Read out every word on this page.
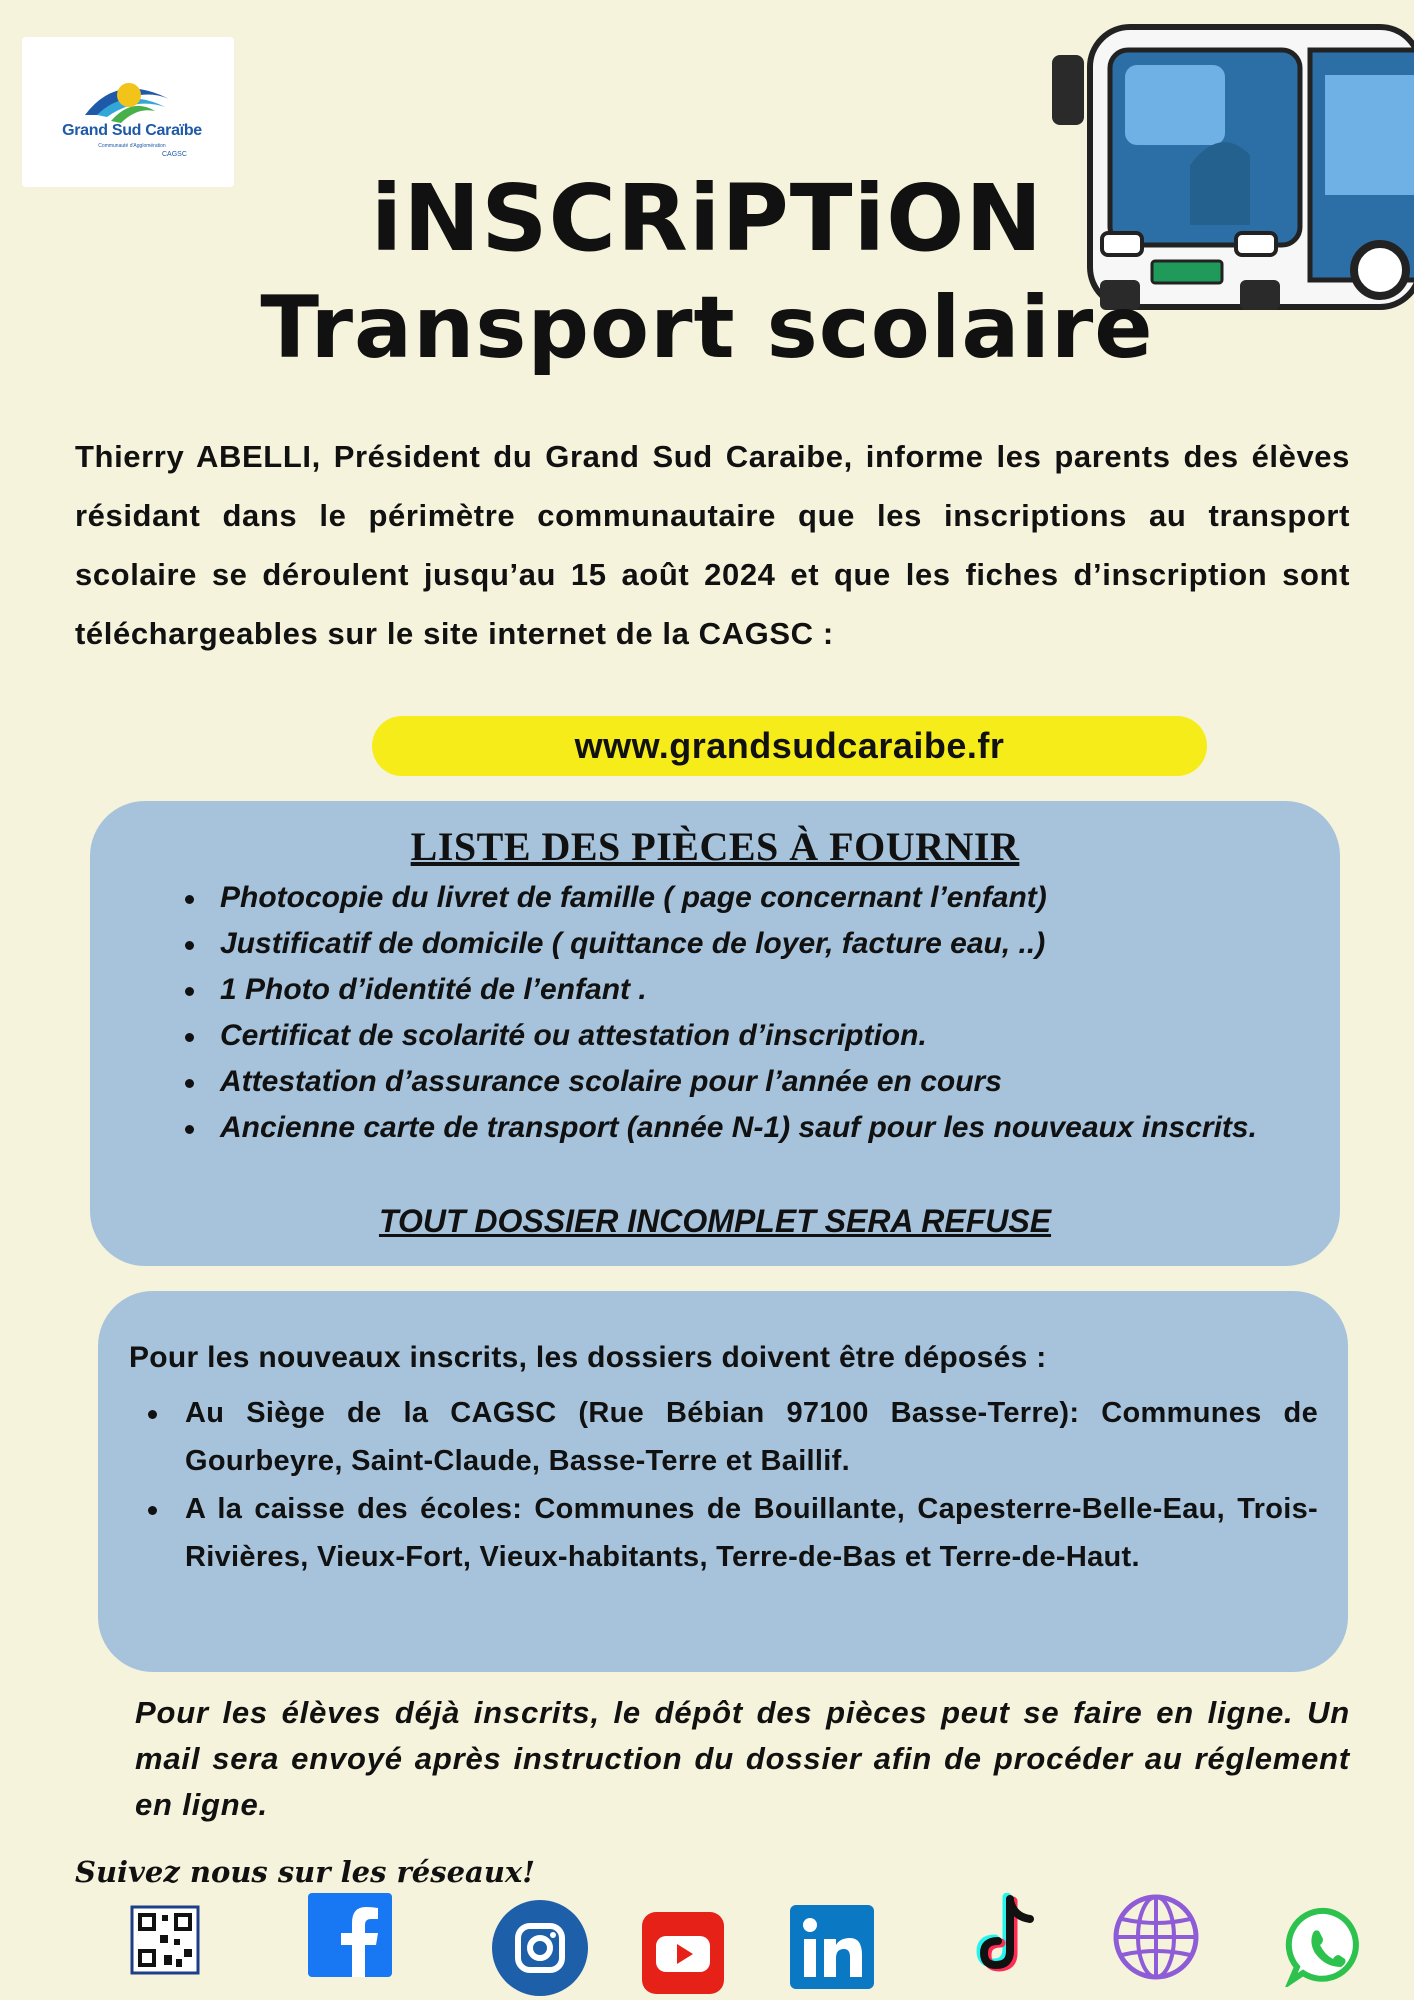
Grand Sud Caraïbe
Communauté d'Agglomération
CAGSC
iNSCRiPTiON
Transport scolaire
Thierry ABELLI, Président du Grand Sud Caraibe, informe les parents des élèves résidant dans le périmètre communautaire que les inscriptions au transport scolaire se déroulent jusqu’au 15 août 2024 et que les fiches d’inscription sont téléchargeables sur le site internet de la CAGSC :
www.grandsudcaraibe.fr
LISTE DES PIÈCES À FOURNIR
Photocopie du livret de famille ( page concernant l’enfant)
Justificatif de domicile ( quittance de loyer, facture eau, ..)
1 Photo d’identité de l’enfant .
Certificat de scolarité ou attestation d’inscription.
Attestation d’assurance scolaire pour l’année en cours
Ancienne carte de transport (année N-1) sauf pour les nouveaux inscrits.
TOUT DOSSIER INCOMPLET SERA REFUSE
Pour les nouveaux inscrits, les dossiers doivent être déposés :
Au Siège de la CAGSC (Rue Bébian 97100 Basse-Terre): Communes de Gourbeyre, Saint-Claude, Basse-Terre et Baillif.
A la caisse des écoles: Communes de Bouillante, Capesterre-Belle-Eau, Trois-Rivières, Vieux-Fort, Vieux-habitants, Terre-de-Bas et Terre-de-Haut.
Pour les élèves déjà inscrits, le dépôt des pièces peut se faire en ligne. Un mail sera envoyé après instruction du dossier afin de procéder au réglement en ligne.
Suivez nous sur les réseaux!
